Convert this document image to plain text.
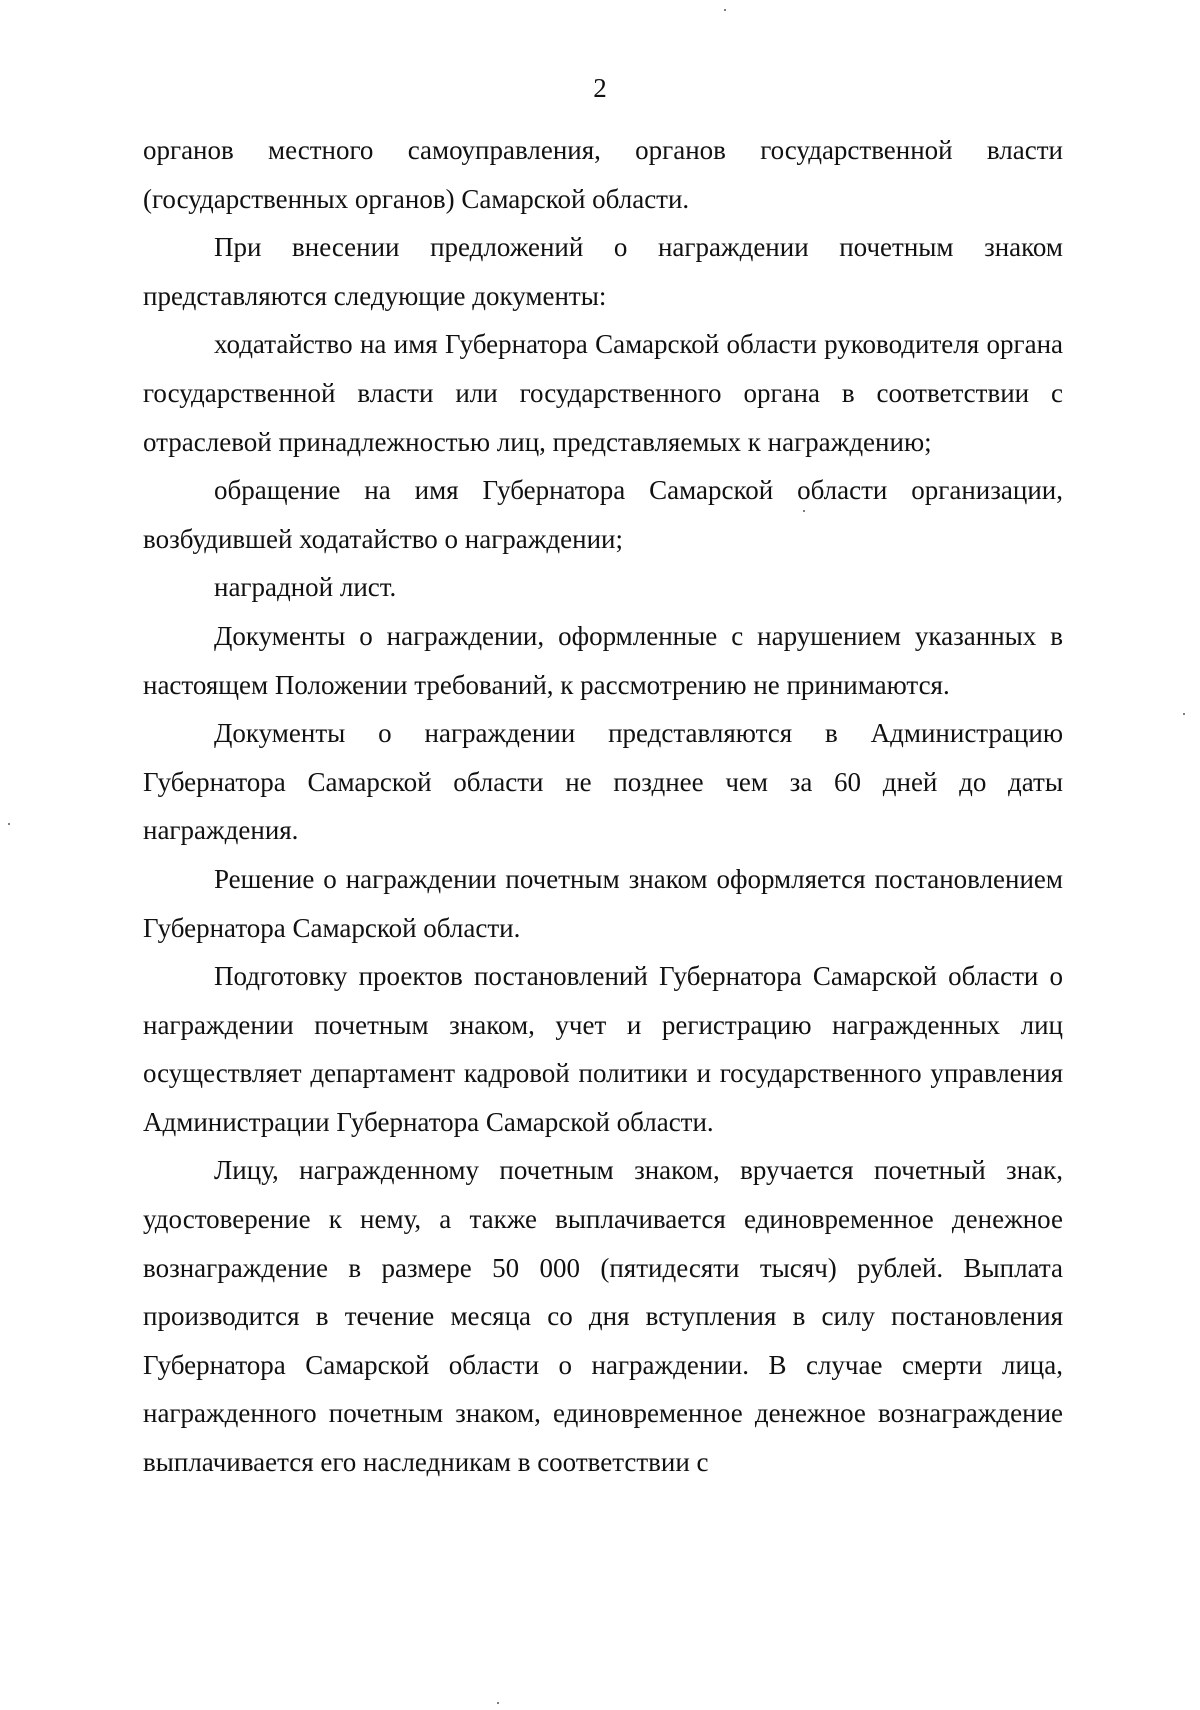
2

органов местного самоуправления, органов государственной власти (государственных органов) Самарской области.

При внесении предложений о награждении почетным знаком представляются следующие документы:

ходатайство на имя Губернатора Самарской области руководителя органа государственной власти или государственного органа в соответствии с отраслевой принадлежностью лиц, представляемых к награждению;

обращение на имя Губернатора Самарской области организации, возбудившей ходатайство о награждении;

наградной лист.

Документы о награждении, оформленные с нарушением указанных в настоящем Положении требований, к рассмотрению не принимаются.

Документы о награждении представляются в Администрацию Губернатора Самарской области не позднее чем за 60 дней до даты награждения.

Решение о награждении почетным знаком оформляется постановлением Губернатора Самарской области.

Подготовку проектов постановлений Губернатора Самарской области о награждении почетным знаком, учет и регистрацию награжденных лиц осуществляет департамент кадровой политики и государственного управления Администрации Губернатора Самарской области.

Лицу, награжденному почетным знаком, вручается почетный знак, удостоверение к нему, а также выплачивается единовременное денежное вознаграждение в размере 50 000 (пятидесяти тысяч) рублей. Выплата производится в течение месяца со дня вступления в силу постановления Губернатора Самарской области о награждении. В случае смерти лица, награжденного почетным знаком, единовременное денежное вознаграждение выплачивается его наследникам в соответствии с
